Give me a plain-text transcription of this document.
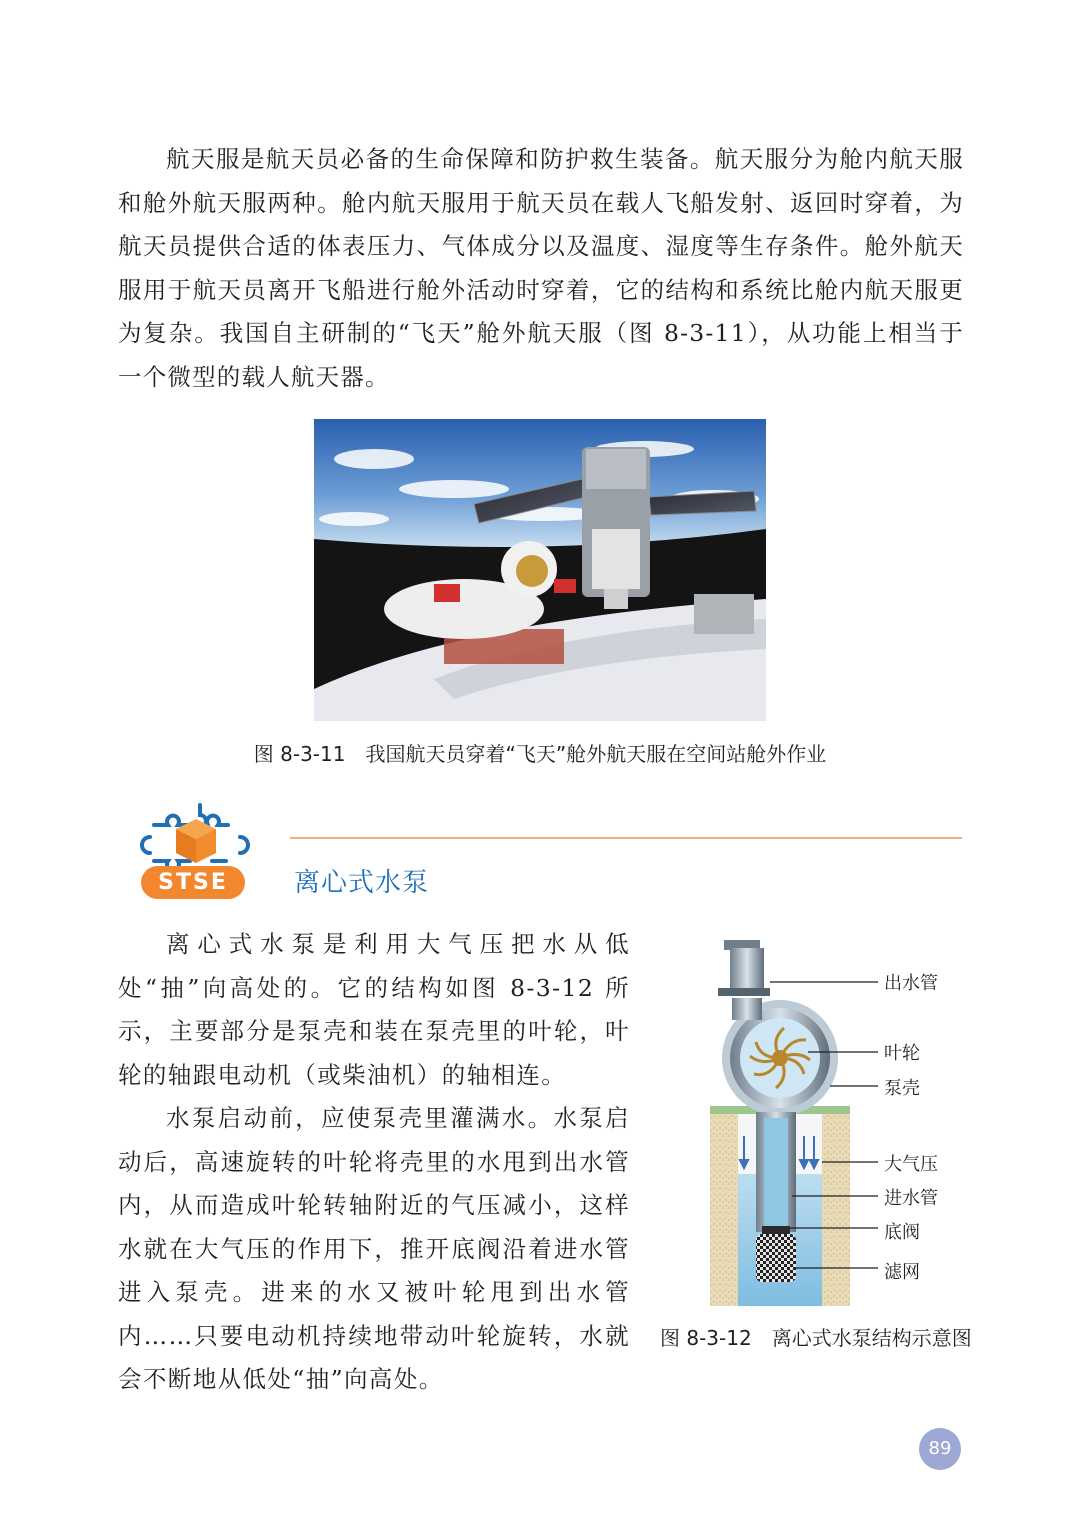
航天服是航天员必备的生命保障和防护救生装备。航天服分为舱内航天服和舱外航天服两种。舱内航天服用于航天员在载人飞船发射、返回时穿着，为航天员提供合适的体表压力、气体成分以及温度、湿度等生存条件。舱外航天服用于航天员离开飞船进行舱外活动时穿着，它的结构和系统比舱内航天服更为复杂。我国自主研制的“飞天”舱外航天服（图 8-3-11），从功能上相当于一个微型的载人航天器。

图 8-3-11　我国航天员穿着“飞天”舱外航天服在空间站舱外作业
STSE	离心式水泵

离心式水泵是利用大气压把水从低处“抽”向高处的。它的结构如图 8-3-12 所示，主要部分是泵壳和装在泵壳里的叶轮，叶轮的轴跟电动机（或柴油机）的轴相连。

水泵启动前，应使泵壳里灌满水。水泵启动后，高速旋转的叶轮将壳里的水甩到出水管内，从而造成叶轮转轴附近的气压减小，这样水就在大气压的作用下，推开底阀沿着进水管进入泵壳。进来的水又被叶轮甩到出水管内……只要电动机持续地带动叶轮旋转，水就会不断地从低处“抽”向高处。

出水管
叶轮
泵壳
大气压
进水管
底阀
滤网
图 8-3-12　离心式水泵结构示意图
89
